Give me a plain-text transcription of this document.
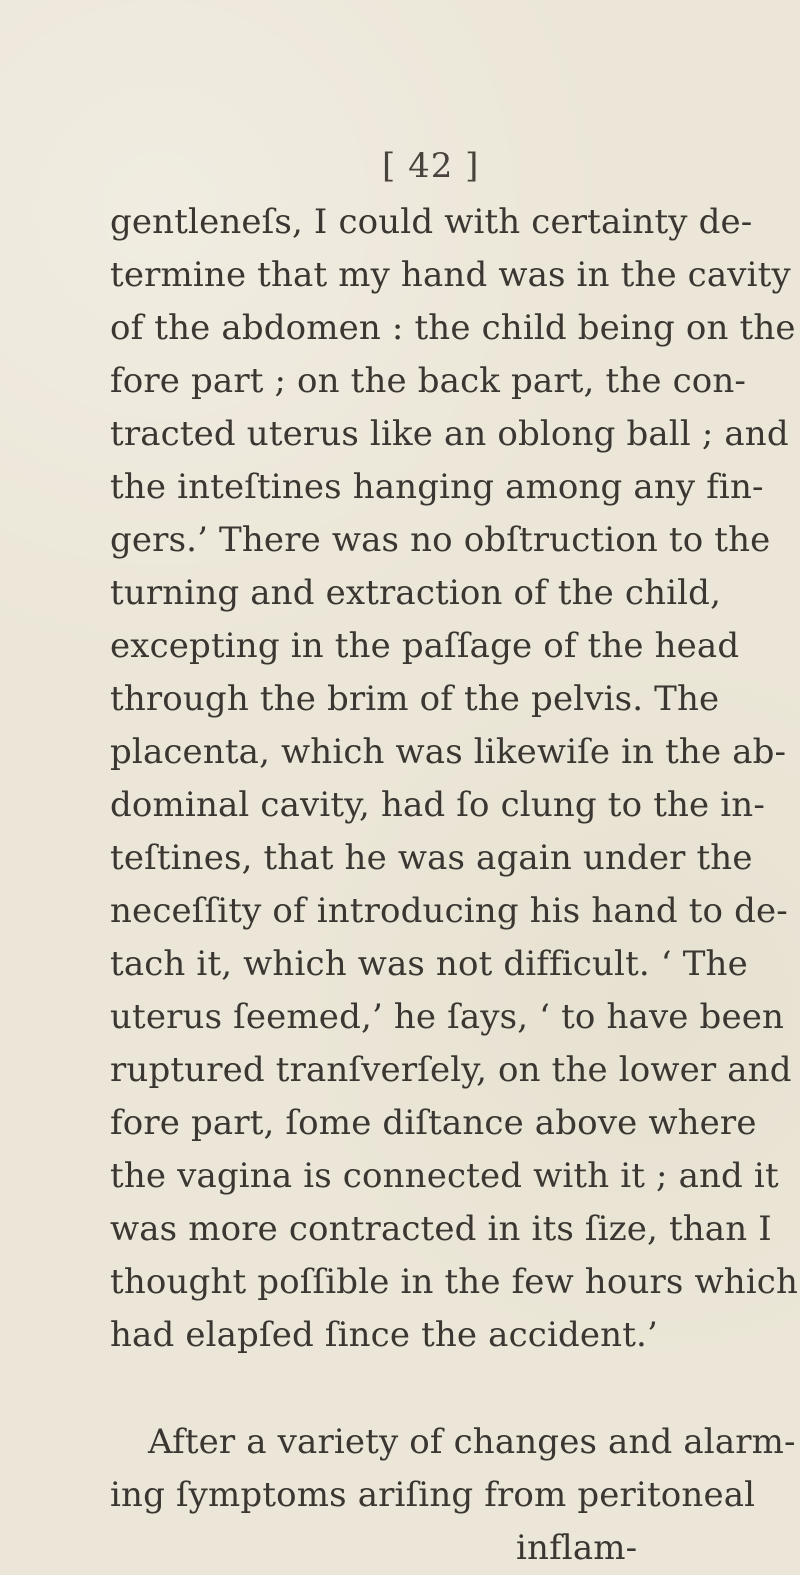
[ 42 ]
gentleneſs, I could with certainty de-
termine that my hand was in the cavity
of the abdomen : the child being on the
fore part ; on the back part, the con-
tracted uterus like an oblong ball ; and
the inteſtines hanging among any fin-
gers.’ There was no obſtruction to the
turning and extraction of the child,
excepting in the paſſage of the head
through the brim of the pelvis. The
placenta, which was likewiſe in the ab-
dominal cavity, had ſo clung to the in-
teſtines, that he was again under the
neceſſity of introducing his hand to de-
tach it, which was not difficult. ‘ The
uterus ſeemed,’ he ſays, ‘ to have been
ruptured tranſverſely, on the lower and
fore part, ſome diſtance above where
the vagina is connected with it ; and it
was more contracted in its ſize, than I
thought poſſible in the few hours which
had elapſed ſince the accident.’
After a variety of changes and alarm-
ing ſymptoms ariſing from peritoneal
inflam-
